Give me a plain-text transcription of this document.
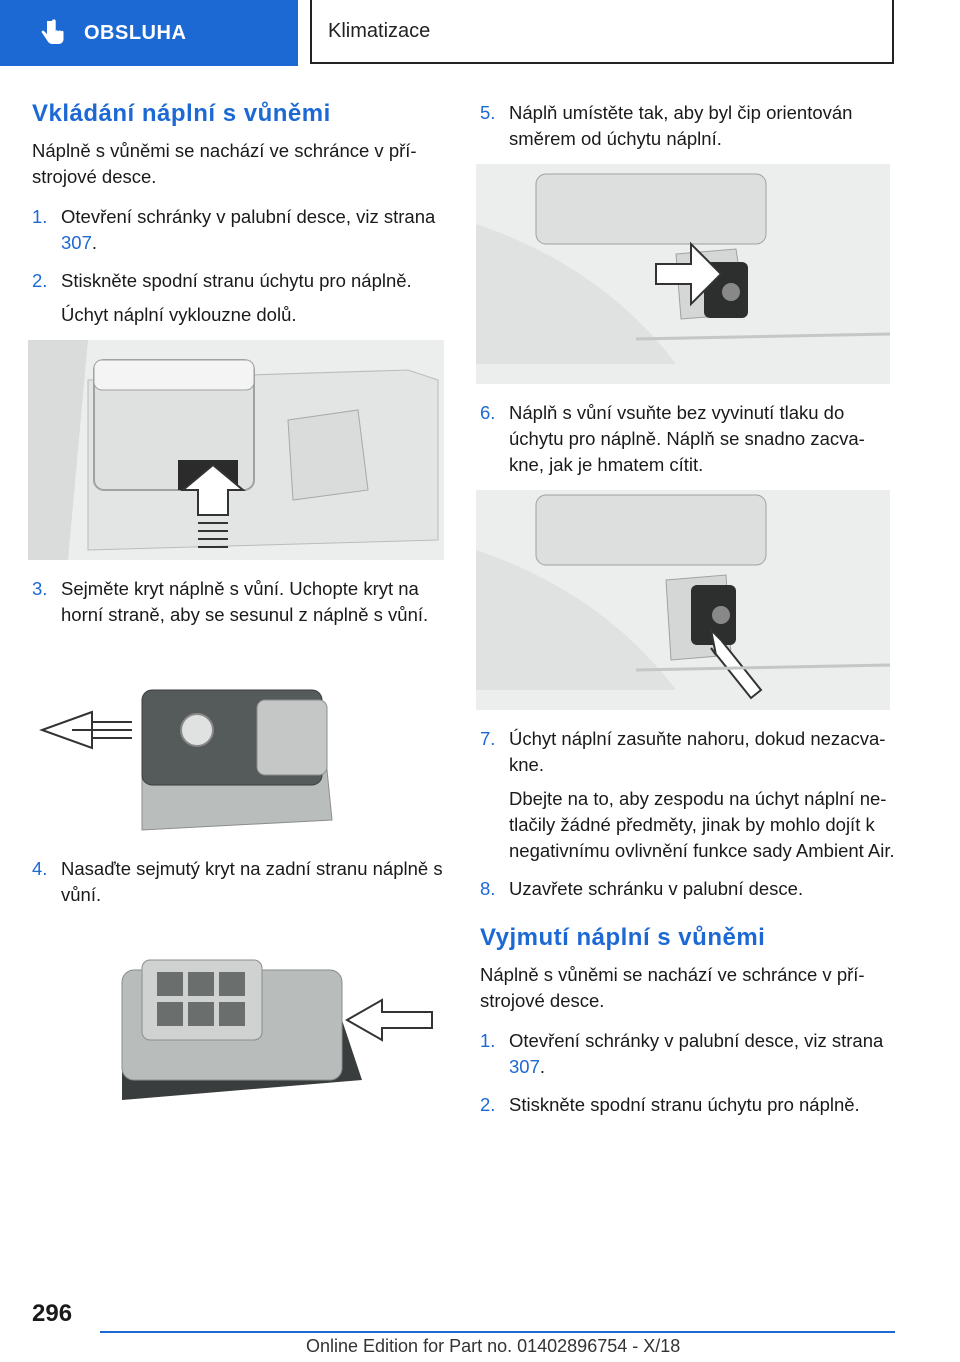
OBSLUHA	Klimatizace
Vkládání náplní s vůněmi

Náplně s vůněmi se nachází ve schránce v pří‐ strojové desce.

1. Otevření schránky v palubní desce, viz strana 307.
2. Stiskněte spodní stranu úchytu pro náplně.
Úchyt náplní vyklouzne dolů.
3. Sejměte kryt náplně s vůní. Uchopte kryt na horní straně, aby se sesunul z náplně s vůní.
4. Nasaďte sejmutý kryt na zadní stranu náplně s vůní.
5. Náplň umístěte tak, aby byl čip orientován směrem od úchytu náplní.
6. Náplň s vůní vsuňte bez vyvinutí tlaku do úchytu pro náplně. Náplň se snadno zacva‐ kne, jak je hmatem cítit.
7. Úchyt náplní zasuňte nahoru, dokud nezacva‐ kne.
Dbejte na to, aby zespodu na úchyt náplní ne‐ tlačily žádné předměty, jinak by mohlo dojít k negativnímu ovlivnění funkce sady Ambient Air.
8. Uzavřete schránku v palubní desce.
Vyjmutí náplní s vůněmi

Náplně s vůněmi se nachází ve schránce v pří‐ strojové desce.

1. Otevření schránky v palubní desce, viz strana 307.
2. Stiskněte spodní stranu úchytu pro náplně.
296
Online Edition for Part no. 01402896754 - X/18
